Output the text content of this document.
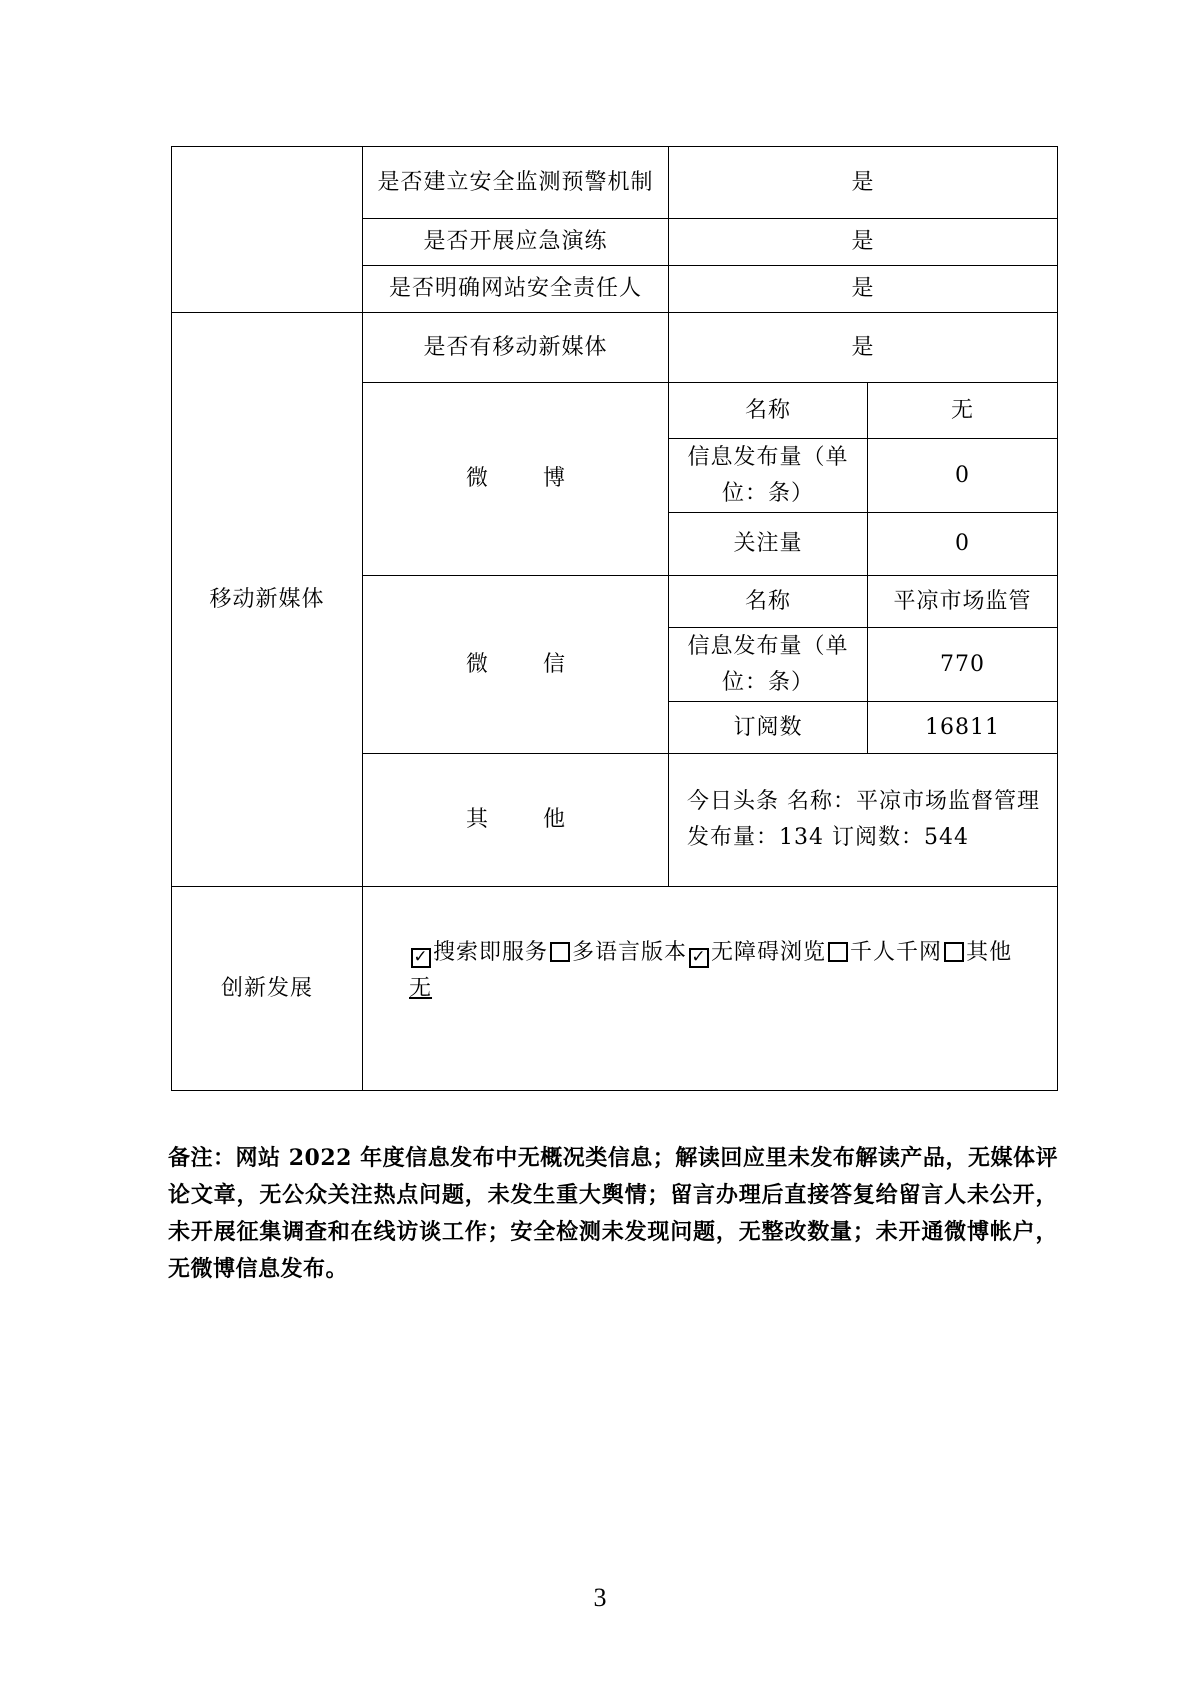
	是否建立安全监测预警机制	是	
	是否开展应急演练	是	
	是否明确网站安全责任人	是	
移动新媒体	是否有移动新媒体	是	
	微 博	名称	无
		信息发布量（单位：条）	0
		关注量	0
	微 信	名称	平凉市场监管
		信息发布量（单位：条）	770
		订阅数	16811
	其 他	今日头条 名称：平凉市场监督管理　 发布量：134 订阅数：544	
创新发展	✓ 搜索即服务 多语言版本 ✓ 无障碍浏览 千人千网 其他
无		
备注：网站 2022 年度信息发布中无概况类信息；解读回应里未发布解读产品，无媒体评论文章，无公众关注热点问题，未发生重大舆情；留言办理后直接答复给留言人未公开，未开展征集调查和在线访谈工作；安全检测未发现问题，无整改数量；未开通微博帐户，无微博信息发布。
3
